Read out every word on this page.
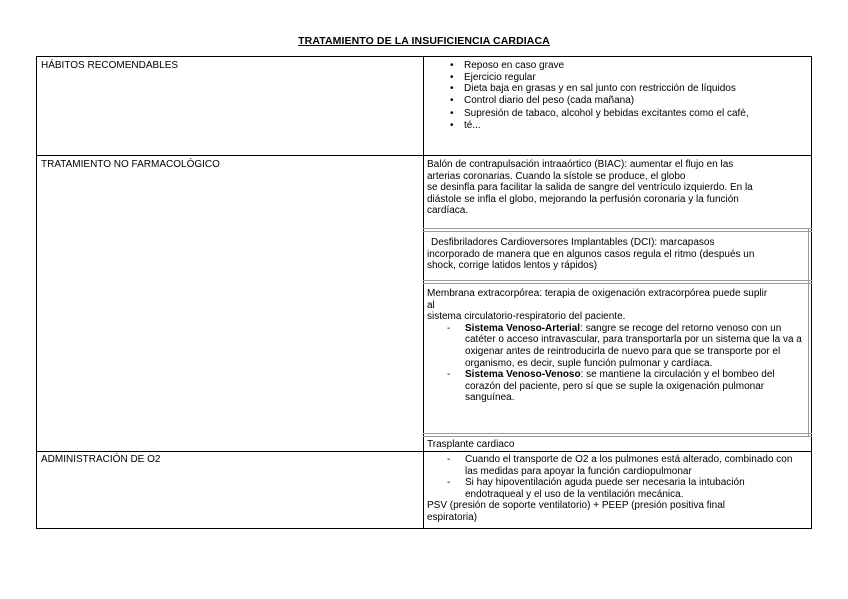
TRATAMIENTO DE LA INSUFICIENCIA CARDIACA
HÁBITOS RECOMENDABLES	• Reposo en caso grave
• Ejercicio regular
• Dieta baja en grasas y en sal junto con restricción de líquidos
• Control diario del peso (cada mañana)
• Supresión de tabaco, alcohol y bebidas excitantes como el café,
• té...
TRATAMIENTO NO FARMACOLÓGICO	Balón de contrapulsación intraaórtico (BIAC): aumentar el flujo en las

arterias coronarias. Cuando la sístole se produce, el globo

se desinfla para facilitar la salida de sangre del ventrículo izquierdo. En la

diástole se infla el globo, mejorando la perfusión coronaria y la función

cardíaca.

Desfibriladores Cardioversores Implantables (DCI): marcapasos

incorporado de manera que en algunos casos regula el ritmo (después un

shock, corrige latidos lentos y rápidos)

Membrana extracorpórea: terapia de oxigenación extracorpórea puede suplir

al

sistema circulatorio-respiratorio del paciente.

- Sistema Venoso-Arterial: sangre se recoge del retorno venoso con un catéter o acceso intravascular, para transportarla por un sistema que la va a oxigenar antes de reintroducirla de nuevo para que se transporte por el organismo, es decir, suple función pulmonar y cardíaca.
- Sistema Venoso-Venoso: se mantiene la circulación y el bombeo del corazón del paciente, pero sí que se suple la oxigenación pulmonar sanguínea.
Trasplante cardiaco
ADMINISTRACIÓN DE O2	- Cuando el transporte de O2 a los pulmones está alterado, combinado con las medidas para apoyar la función cardiopulmonar
- Si hay hipoventilación aguda puede ser necesaria la intubación endotraqueal y el uso de la ventilación mecánica.

PSV (presión de soporte ventilatorio) + PEEP (presión positiva final

espiratoria)
